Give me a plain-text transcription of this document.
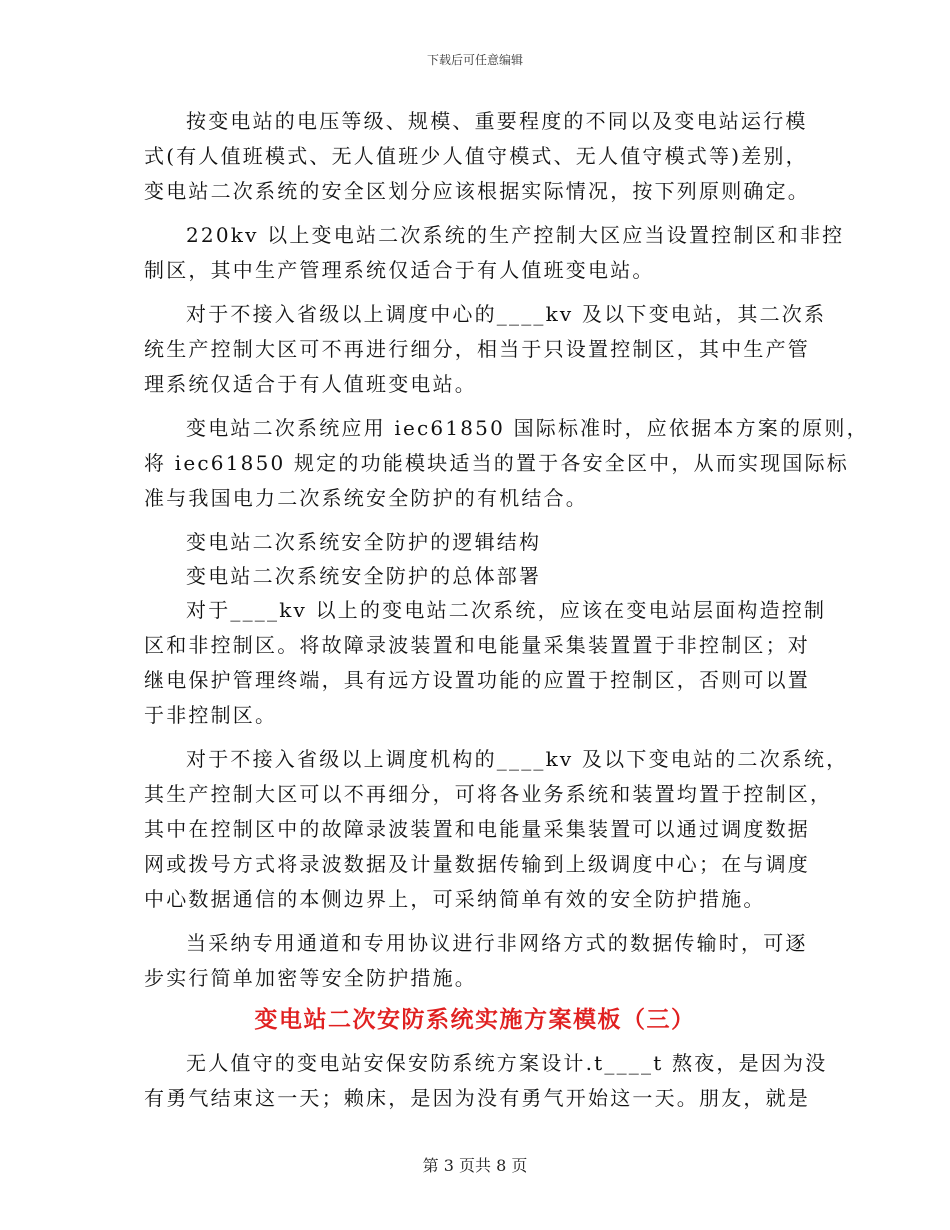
下载后可任意编辑
按变电站的电压等级、规模、重要程度的不同以及变电站运行模
式(有人值班模式、无人值班少人值守模式、无人值守模式等)差别，
变电站二次系统的安全区划分应该根据实际情况，按下列原则确定。
220kv 以上变电站二次系统的生产控制大区应当设置控制区和非控
制区，其中生产管理系统仅适合于有人值班变电站。
对于不接入省级以上调度中心的____kv 及以下变电站，其二次系
统生产控制大区可不再进行细分，相当于只设置控制区，其中生产管
理系统仅适合于有人值班变电站。
变电站二次系统应用 iec61850 国际标准时，应依据本方案的原则，
将 iec61850 规定的功能模块适当的置于各安全区中，从而实现国际标
准与我国电力二次系统安全防护的有机结合。
变电站二次系统安全防护的逻辑结构
变电站二次系统安全防护的总体部署
对于____kv 以上的变电站二次系统，应该在变电站层面构造控制
区和非控制区。将故障录波装置和电能量采集装置置于非控制区；对
继电保护管理终端，具有远方设置功能的应置于控制区，否则可以置
于非控制区。
对于不接入省级以上调度机构的____kv 及以下变电站的二次系统，
其生产控制大区可以不再细分，可将各业务系统和装置均置于控制区，
其中在控制区中的故障录波装置和电能量采集装置可以通过调度数据
网或拨号方式将录波数据及计量数据传输到上级调度中心；在与调度
中心数据通信的本侧边界上，可采纳简单有效的安全防护措施。
当采纳专用通道和专用协议进行非网络方式的数据传输时，可逐
步实行简单加密等安全防护措施。
变电站二次安防系统实施方案模板（三）
无人值守的变电站安保安防系统方案设计.t____t 熬夜，是因为没
有勇气结束这一天；赖床，是因为没有勇气开始这一天。朋友，就是
第 3 页共 8 页
